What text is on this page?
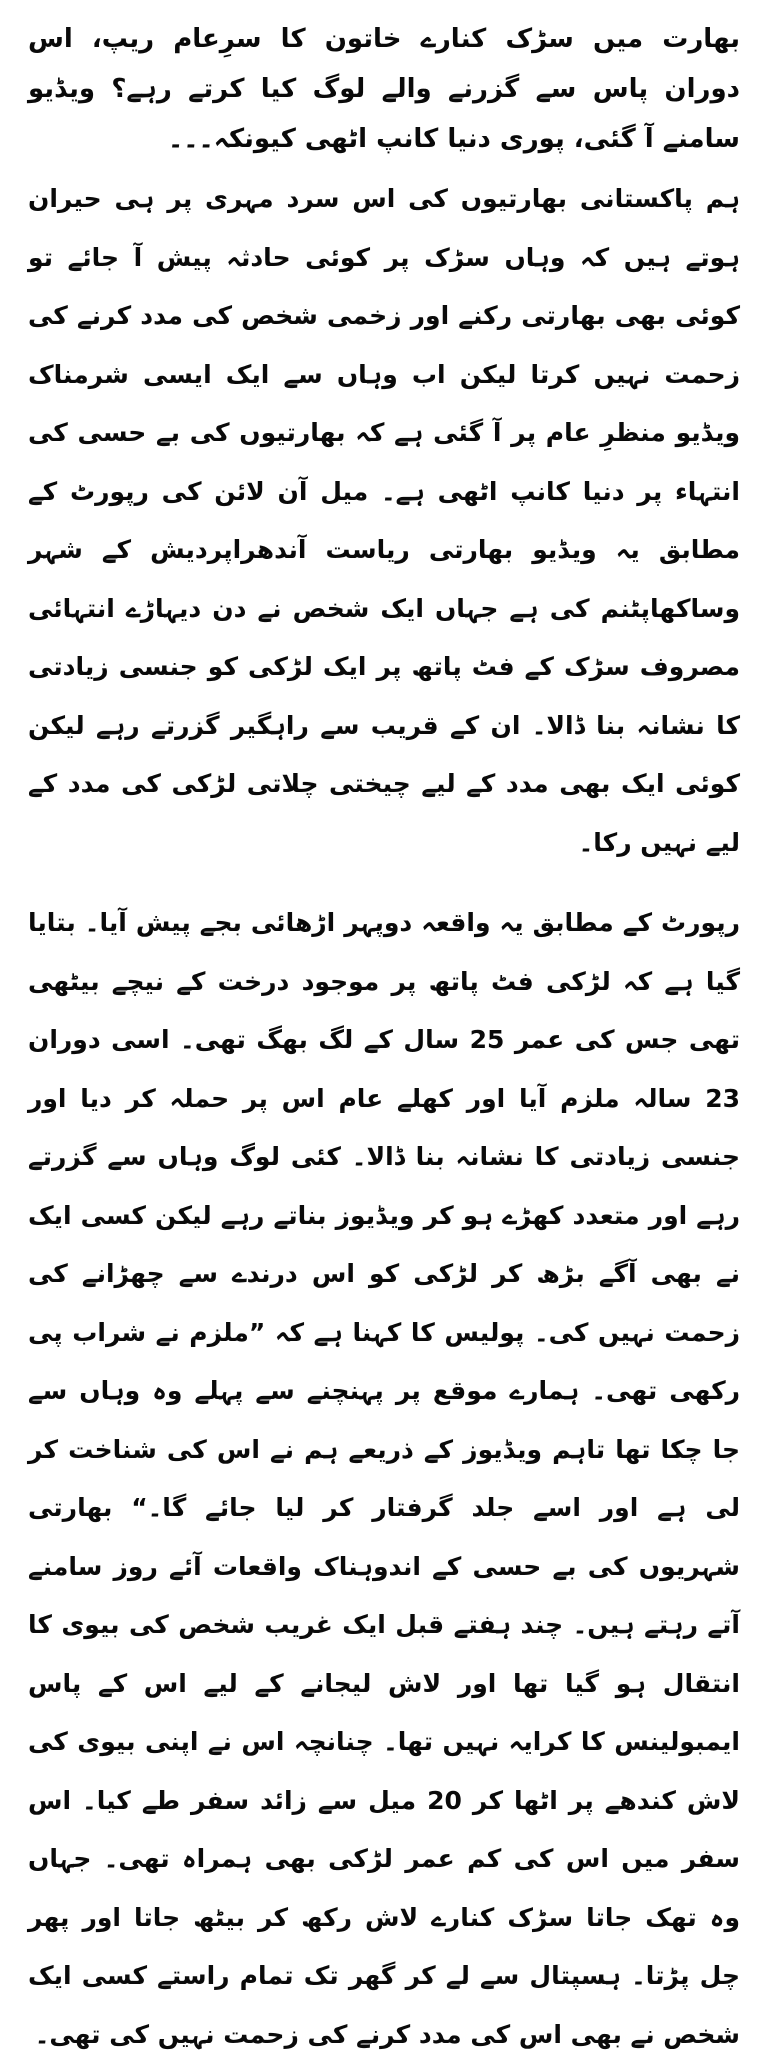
بھارت میں سڑک کنارے خاتون کا سرِعام ریپ، اس دوران پاس سے گزرنے والے لوگ کیا کرتے رہے؟ ویڈیو سامنے آ گئی، پوری دنیا کانپ اٹھی کیونکہ۔۔۔

ہم پاکستانی بھارتیوں کی اس سرد مہری پر ہی حیران ہوتے ہیں کہ وہاں سڑک پر کوئی حادثہ پیش آ جائے تو کوئی بھی بھارتی رکنے اور زخمی شخص کی مدد کرنے کی زحمت نہیں کرتا لیکن اب وہاں سے ایک ایسی شرمناک ویڈیو منظرِ عام پر آ گئی ہے کہ بھارتیوں کی بے حسی کی انتہاء پر دنیا کانپ اٹھی ہے۔ میل آن لائن کی رپورٹ کے مطابق یہ ویڈیو بھارتی ریاست آندھراپردیش کے شہر وساکھاپٹنم کی ہے جہاں ایک شخص نے دن دیہاڑے انتہائی مصروف سڑک کے فٹ پاتھ پر ایک لڑکی کو جنسی زیادتی کا نشانہ بنا ڈالا۔ ان کے قریب سے راہگیر گزرتے رہے لیکن کوئی ایک بھی مدد کے لیے چیختی چلاتی لڑکی کی مدد کے لیے نہیں رکا۔

رپورٹ کے مطابق یہ واقعہ دوپہر اڑھائی بجے پیش آیا۔ بتایا گیا ہے کہ لڑکی فٹ پاتھ پر موجود درخت کے نیچے بیٹھی تھی جس کی عمر 25 سال کے لگ بھگ تھی۔ اسی دوران 23 سالہ ملزم آیا اور کھلے عام اس پر حملہ کر دیا اور جنسی زیادتی کا نشانہ بنا ڈالا۔ کئی لوگ وہاں سے گزرتے رہے اور متعدد کھڑے ہو کر ویڈیوز بناتے رہے لیکن کسی ایک نے بھی آگے بڑھ کر لڑکی کو اس درندے سے چھڑانے کی زحمت نہیں کی۔ پولیس کا کہنا ہے کہ ”ملزم نے شراب پی رکھی تھی۔ ہمارے موقع پر پہنچنے سے پہلے وہ وہاں سے جا چکا تھا تاہم ویڈیوز کے ذریعے ہم نے اس کی شناخت کر لی ہے اور اسے جلد گرفتار کر لیا جائے گا۔“ بھارتی شہریوں کی بے حسی کے اندوہناک واقعات آئے روز سامنے آتے رہتے ہیں۔ چند ہفتے قبل ایک غریب شخص کی بیوی کا انتقال ہو گیا تھا اور لاش لیجانے کے لیے اس کے پاس ایمبولینس کا کرایہ نہیں تھا۔ چنانچہ اس نے اپنی بیوی کی لاش کندھے پر اٹھا کر 20 میل سے زائد سفر طے کیا۔ اس سفر میں اس کی کم عمر لڑکی بھی ہمراہ تھی۔ جہاں وہ تھک جاتا سڑک کنارے لاش رکھ کر بیٹھ جاتا اور پھر چل پڑتا۔ ہسپتال سے لے کر گھر تک تمام راستے کسی ایک شخص نے بھی اس کی مدد کرنے کی زحمت نہیں کی تھی۔
